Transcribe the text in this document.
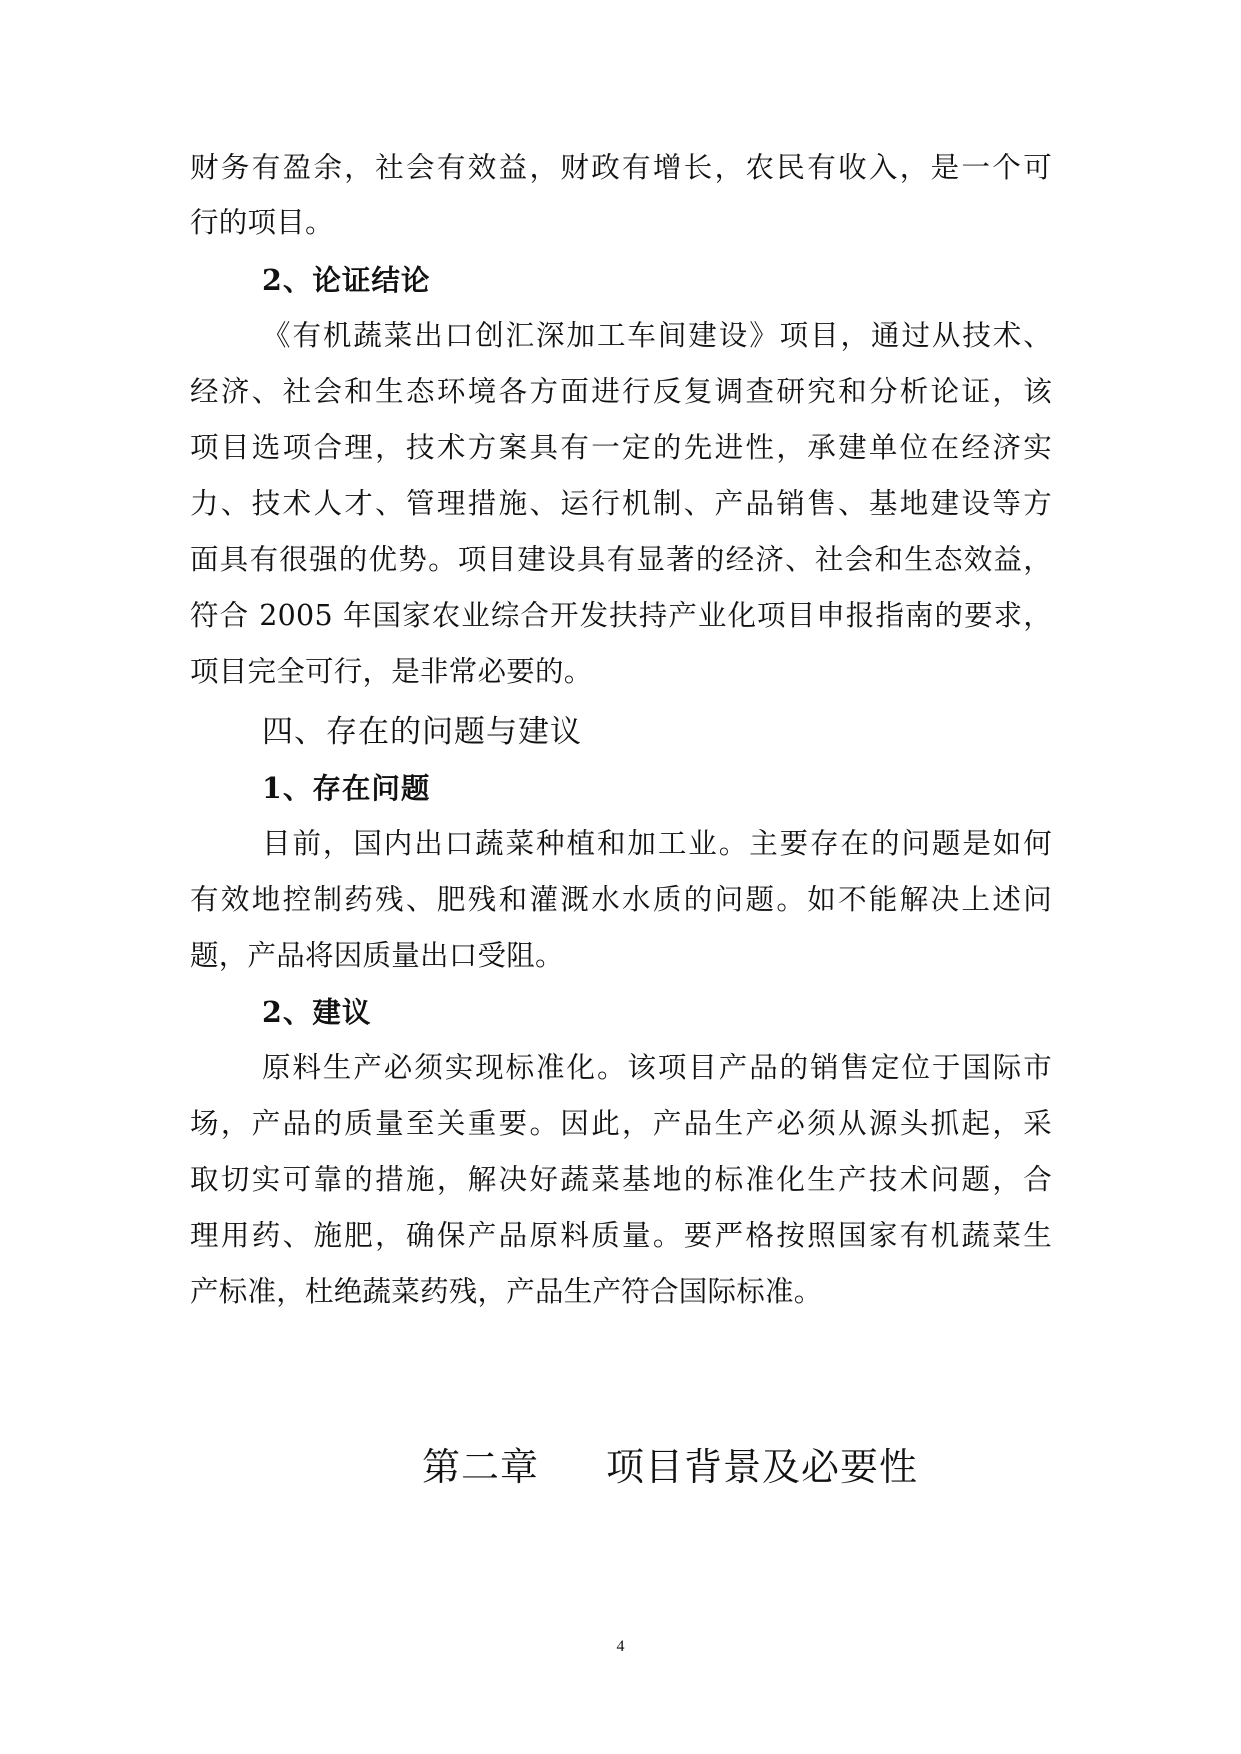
财务有盈余，社会有效益，财政有增长，农民有收入，是一个可
行的项目。
2、论证结论
《有机蔬菜出口创汇深加工车间建设》项目，通过从技术、
经济、社会和生态环境各方面进行反复调查研究和分析论证，该
项目选项合理，技术方案具有一定的先进性，承建单位在经济实
力、技术人才、管理措施、运行机制、产品销售、基地建设等方
面具有很强的优势。项目建设具有显著的经济、社会和生态效益，
符合 2005 年国家农业综合开发扶持产业化项目申报指南的要求，
项目完全可行，是非常必要的。
四、存在的问题与建议
1、存在问题
目前，国内出口蔬菜种植和加工业。主要存在的问题是如何
有效地控制药残、肥残和灌溉水水质的问题。如不能解决上述问
题，产品将因质量出口受阻。
2、建议
原料生产必须实现标准化。该项目产品的销售定位于国际市
场，产品的质量至关重要。因此，产品生产必须从源头抓起，采
取切实可靠的措施，解决好蔬菜基地的标准化生产技术问题，合
理用药、施肥，确保产品原料质量。要严格按照国家有机蔬菜生
产标准，杜绝蔬菜药残，产品生产符合国际标准。
第二章 项目背景及必要性
4
